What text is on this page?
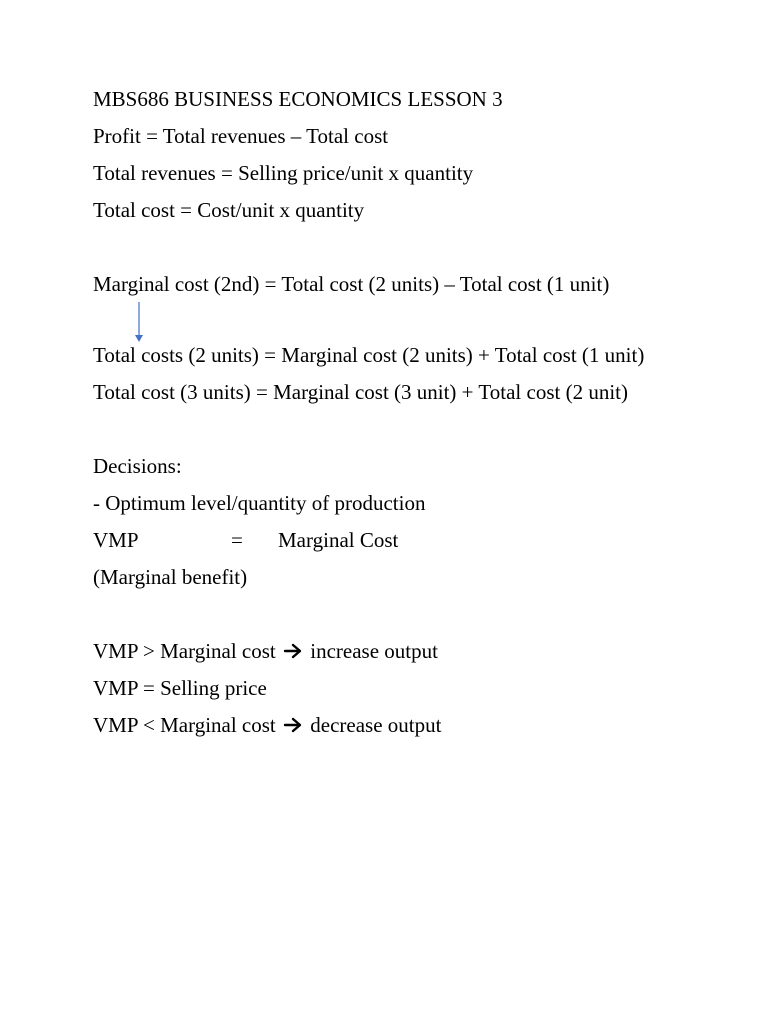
MBS686 BUSINESS ECONOMICS LESSON 3

Profit = Total revenues – Total cost

Total revenues = Selling price/unit x quantity

Total cost = Cost/unit x quantity

Marginal cost (2nd) = Total cost (2 units) – Total cost (1 unit)

Total costs (2 units) = Marginal cost (2 units) + Total cost (1 unit)

Total cost (3 units) = Marginal cost (3 unit) + Total cost (2 unit)

Decisions:

- Optimum level/quantity of production

VMP	= Marginal Cost

(Marginal benefit)

VMP > Marginal cost increase output

VMP = Selling price

VMP < Marginal cost decrease output
